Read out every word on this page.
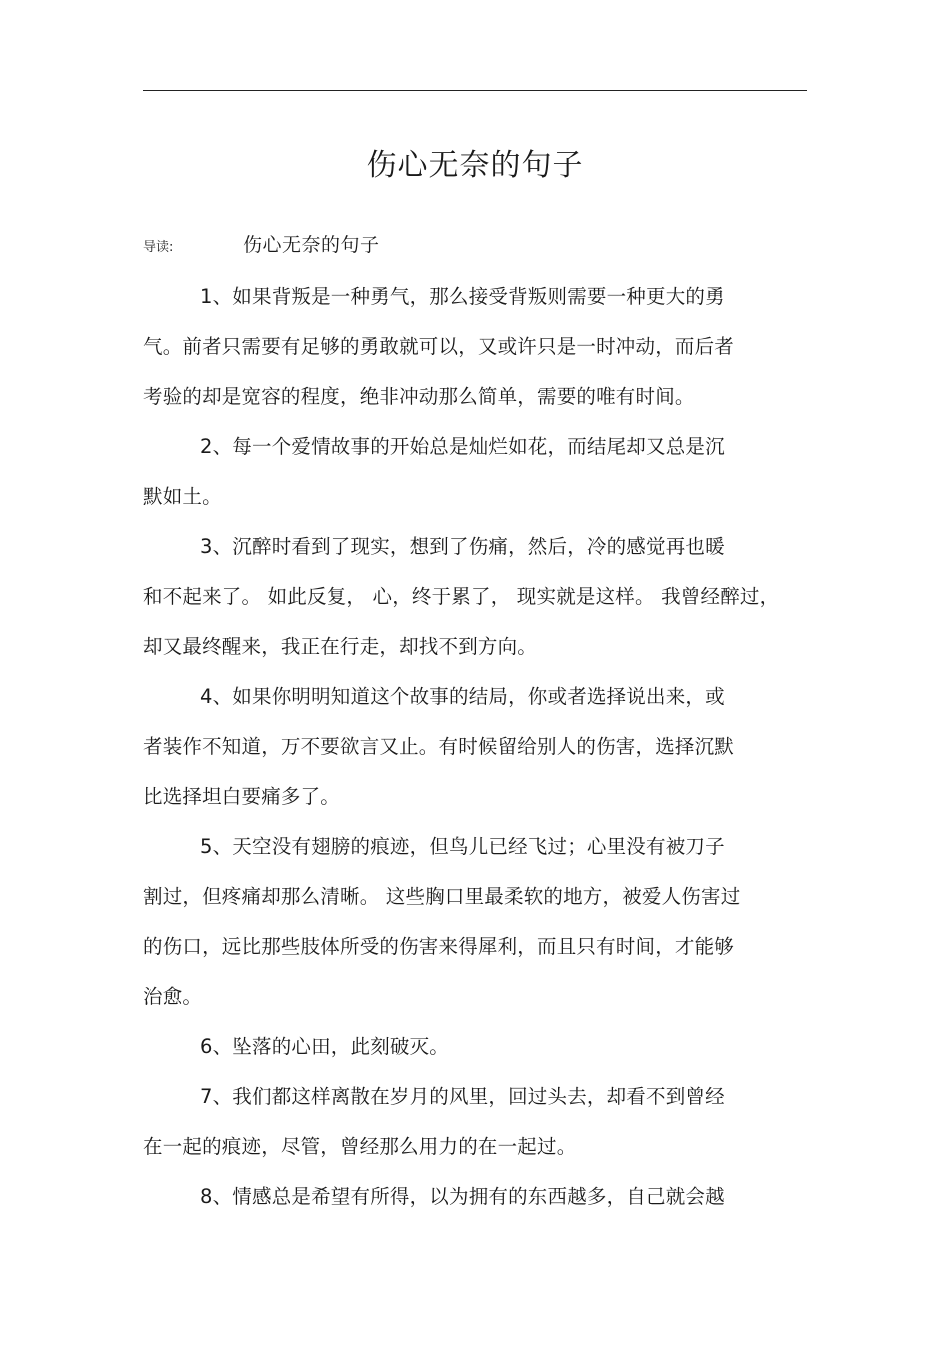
伤心无奈的句子
导读:	伤心无奈的句子
1、如果背叛是一种勇气，那么接受背叛则需要一种更大的勇
气。前者只需要有足够的勇敢就可以，又或许只是一时冲动，而后者
考验的却是宽容的程度，绝非冲动那么简单，需要的唯有时间。
2、每一个爱情故事的开始总是灿烂如花，而结尾却又总是沉
默如土。
3、沉醉时看到了现实，想到了伤痛，然后，冷的感觉再也暖
和不起来了。 如此反复， 心，终于累了， 现实就是这样。 我曾经醉过，
却又最终醒来，我正在行走，却找不到方向。
4、如果你明明知道这个故事的结局，你或者选择说出来，或
者装作不知道，万不要欲言又止。有时候留给别人的伤害，选择沉默
比选择坦白要痛多了。
5、天空没有翅膀的痕迹，但鸟儿已经飞过；心里没有被刀子
割过，但疼痛却那么清晰。 这些胸口里最柔软的地方，被爱人伤害过
的伤口，远比那些肢体所受的伤害来得犀利，而且只有时间，才能够
治愈。
6、坠落的心田，此刻破灭。
7、我们都这样离散在岁月的风里，回过头去，却看不到曾经
在一起的痕迹，尽管，曾经那么用力的在一起过。
8、情感总是希望有所得，以为拥有的东西越多，自己就会越
